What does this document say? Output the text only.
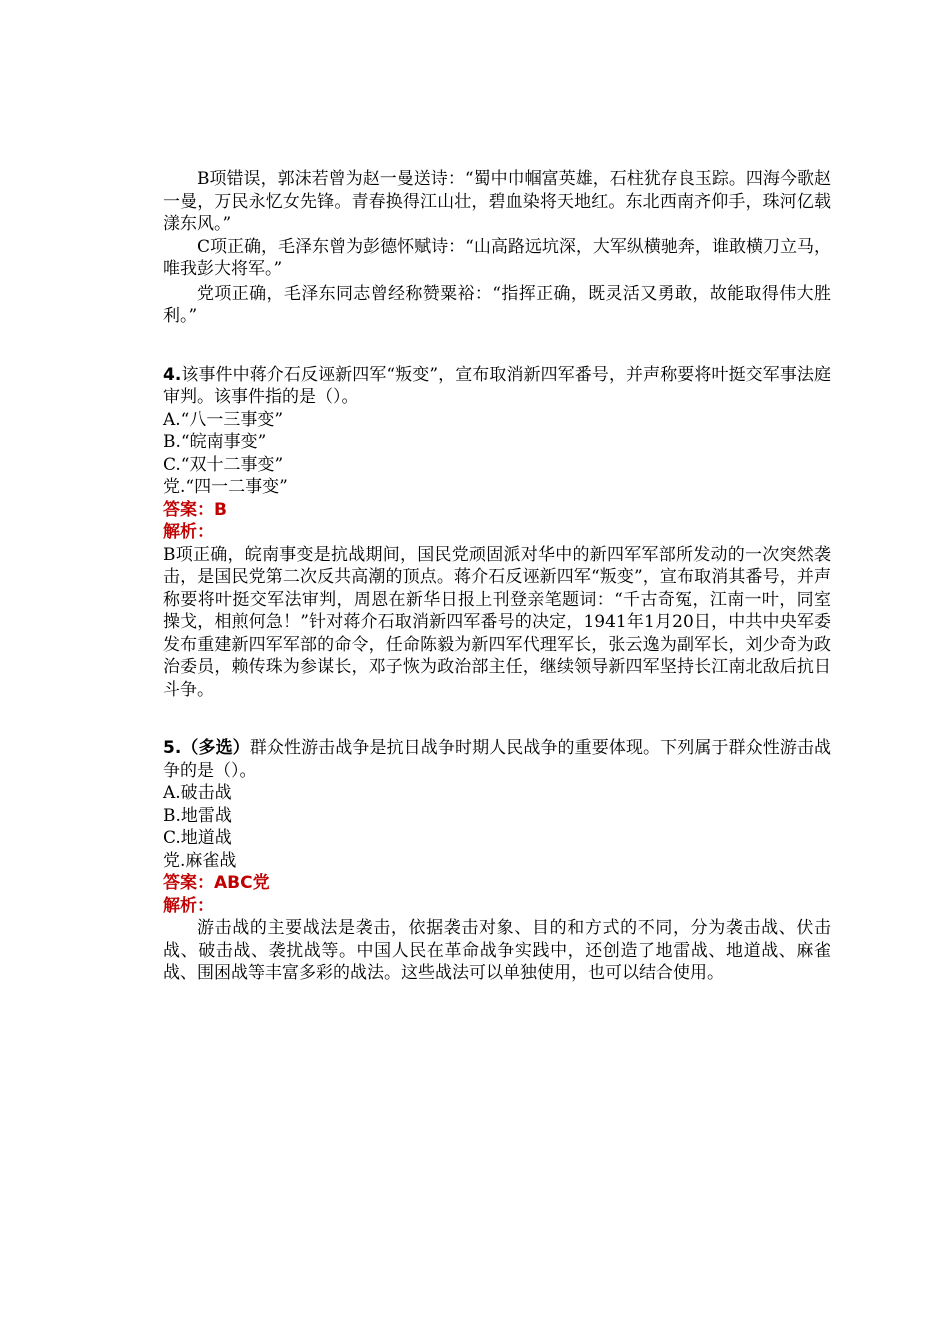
B项错误，郭沫若曾为赵一曼送诗：“蜀中巾帼富英雄，石柱犹存良玉踪。四海今歌赵一曼，万民永忆女先锋。青春换得江山壮，碧血染将天地红。东北西南齐仰手，珠河亿载漾东风。”

C项正确，毛泽东曾为彭德怀赋诗：“山高路远坑深，大军纵横驰奔，谁敢横刀立马，唯我彭大将军。”

党项正确，毛泽东同志曾经称赞粟裕：“指挥正确，既灵活又勇敢，故能取得伟大胜利。”

4.该事件中蒋介石反诬新四军“叛变”，宣布取消新四军番号，并声称要将叶挺交军事法庭审判。该事件指的是（）。

A.“八一三事变”

B.“皖南事变”

C.“双十二事变”

党.“四一二事变”

答案：B

解析：

B项正确，皖南事变是抗战期间，国民党顽固派对华中的新四军军部所发动的一次突然袭击，是国民党第二次反共高潮的顶点。蒋介石反诬新四军“叛变”，宣布取消其番号，并声称要将叶挺交军法审判，周恩在新华日报上刊登亲笔题词：“千古奇冤，江南一叶，同室操戈，相煎何急！”针对蒋介石取消新四军番号的决定，1941年1月20日，中共中央军委发布重建新四军军部的命令，任命陈毅为新四军代理军长，张云逸为副军长，刘少奇为政治委员，赖传珠为参谋长，邓子恢为政治部主任，继续领导新四军坚持长江南北敌后抗日斗争。

5.（多选）群众性游击战争是抗日战争时期人民战争的重要体现。下列属于群众性游击战争的是（）。

A.破击战

B.地雷战

C.地道战

党.麻雀战

答案：ABC党

解析：

游击战的主要战法是袭击，依据袭击对象、目的和方式的不同，分为袭击战、伏击战、破击战、袭扰战等。中国人民在革命战争实践中，还创造了地雷战、地道战、麻雀战、围困战等丰富多彩的战法。这些战法可以单独使用，也可以结合使用。
